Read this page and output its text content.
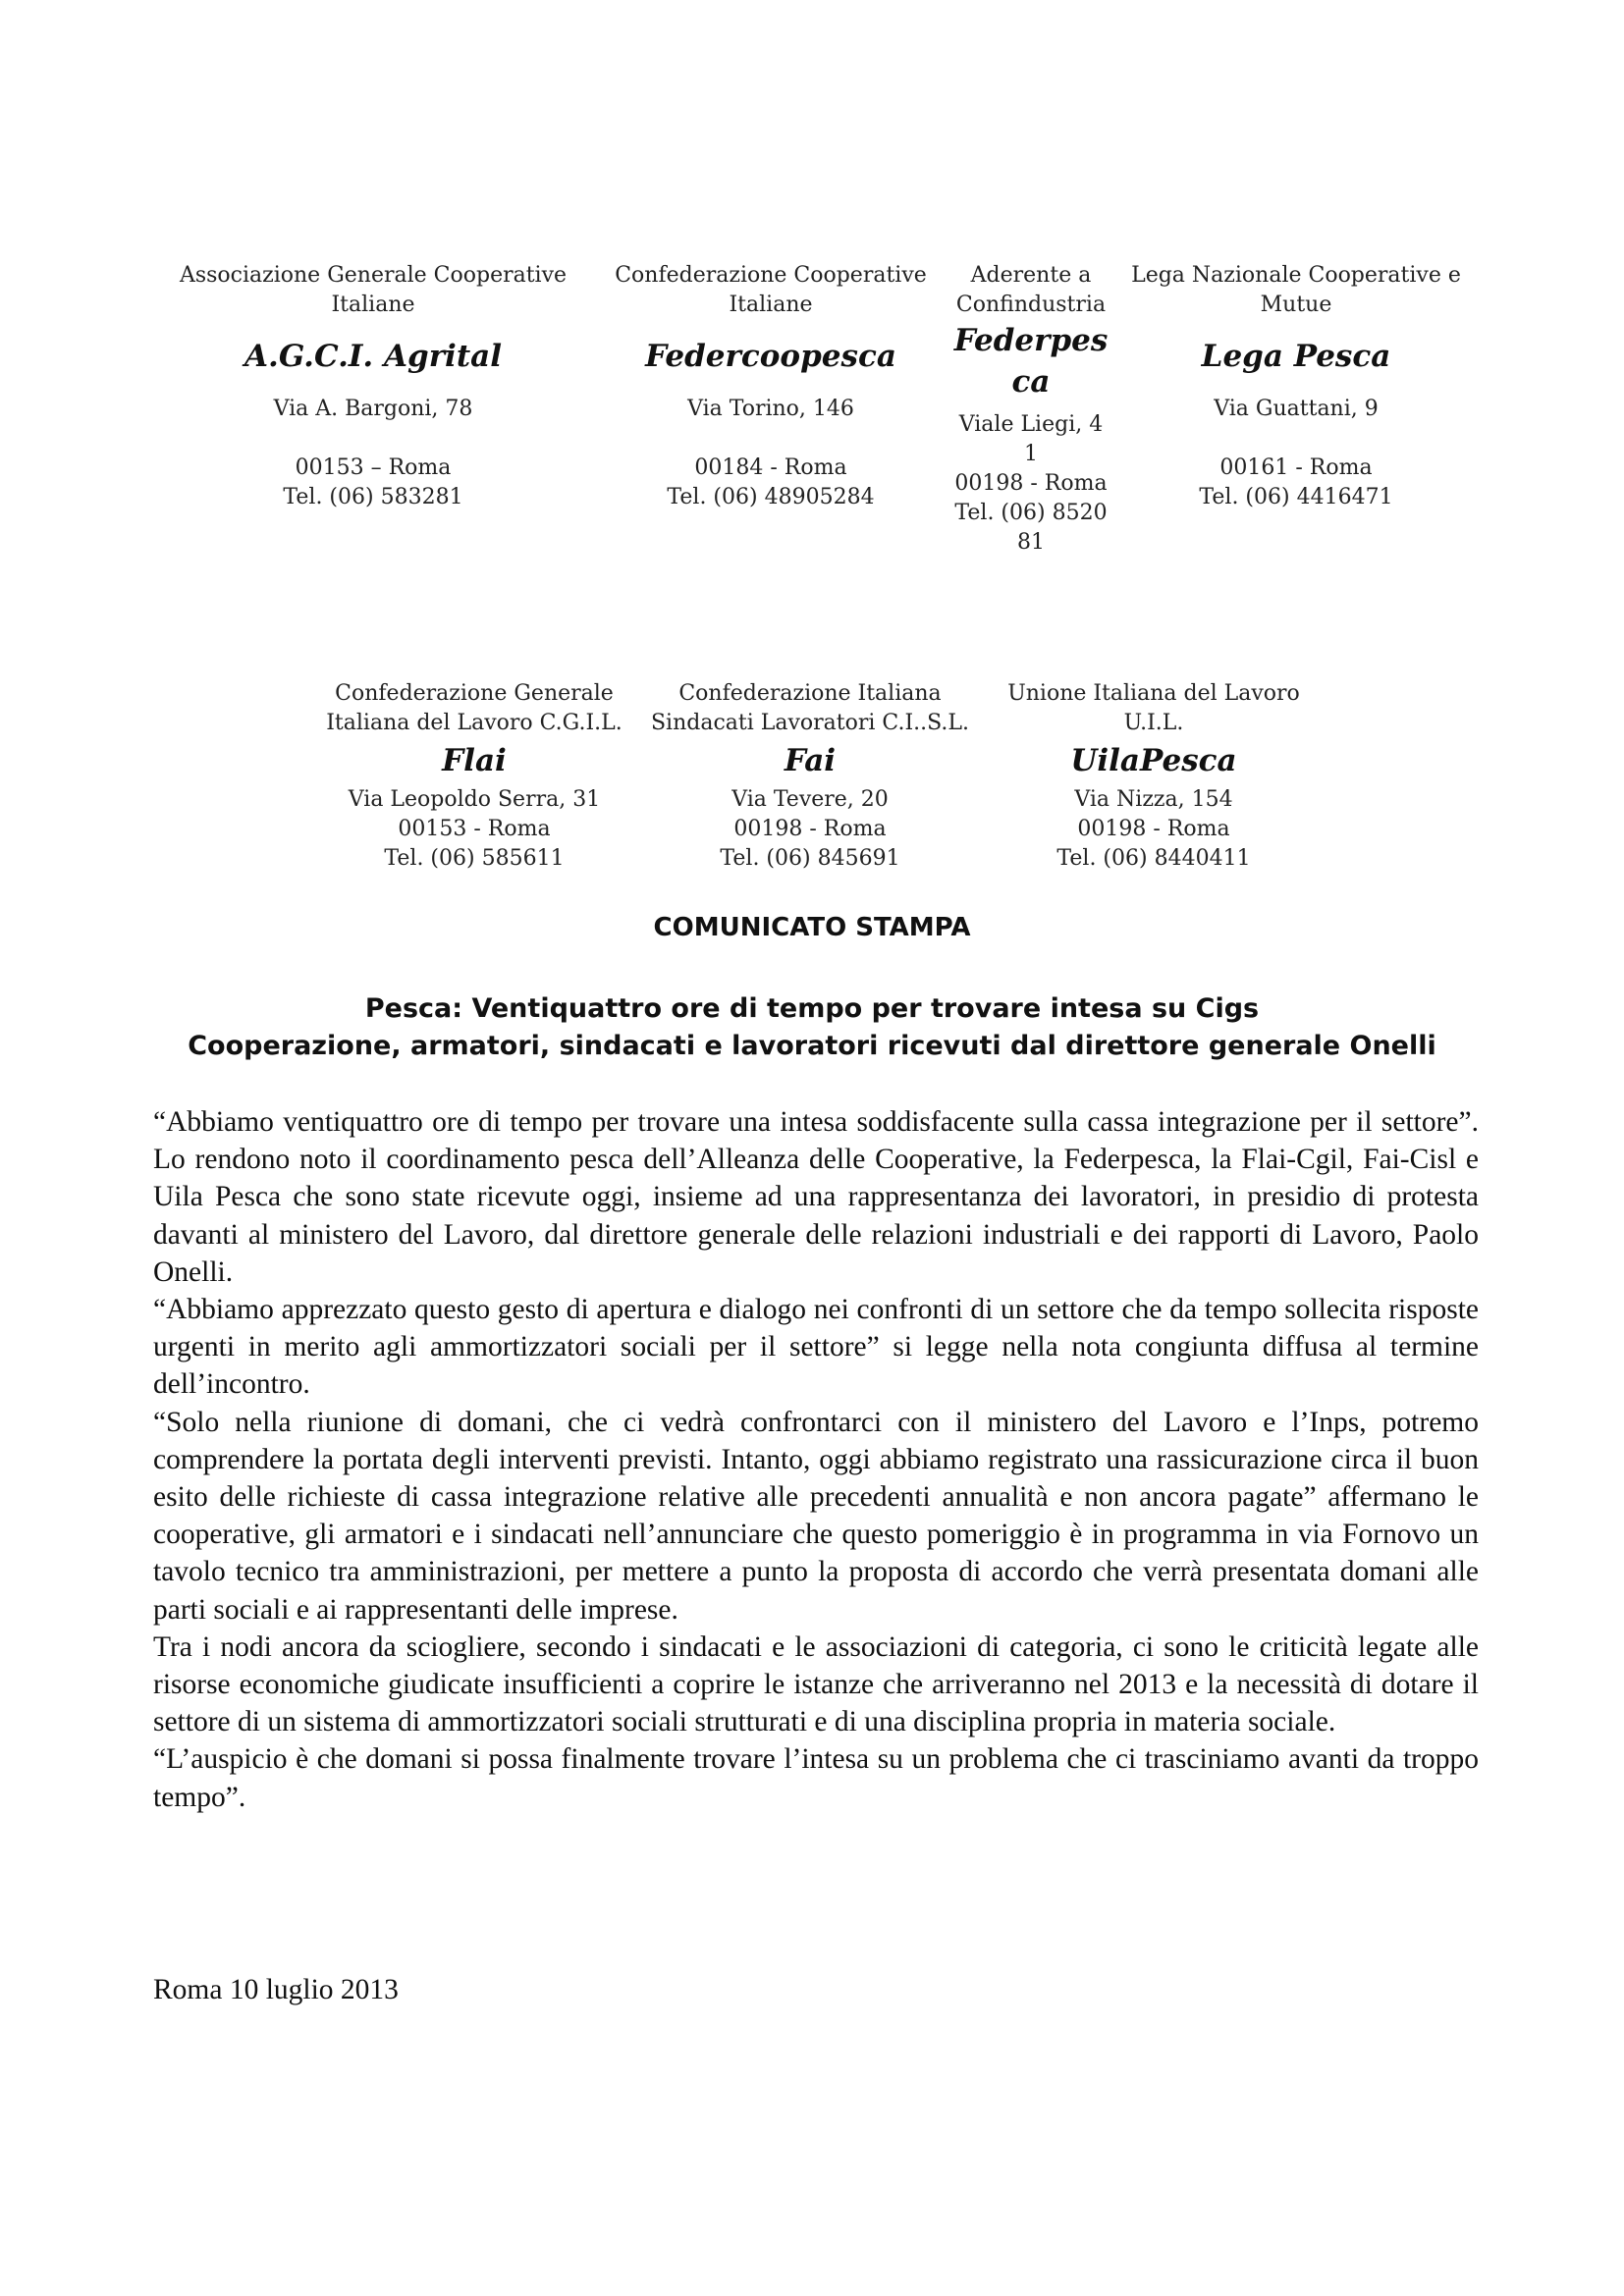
Associazione Generale Cooperative
Italiane
A.G.C.I. Agrital
Via A. Bargoni, 78
00153 – Roma
Tel. (06) 583281
Confederazione Cooperative
Italiane
Federcoopesca
Via Torino, 146
00184 - Roma
Tel. (06) 48905284
Aderente a
Confindustria
Federpesca
Viale Liegi, 41
00198 - Roma
Tel. (06) 852081
Lega Nazionale Cooperative e
Mutue
Lega Pesca
Via Guattani, 9
00161 - Roma
Tel. (06) 4416471
Confederazione Generale
Italiana del Lavoro C.G.I.L.
Flai
Via Leopoldo Serra, 31
00153 - Roma
Tel. (06) 585611
Confederazione Italiana
Sindacati Lavoratori C.I..S.L.
Fai
Via Tevere, 20
00198 - Roma
Tel. (06) 845691
Unione Italiana del Lavoro
U.I.L.
UilaPesca
Via Nizza, 154
00198 - Roma
Tel. (06) 8440411
COMUNICATO STAMPA
Pesca: Ventiquattro ore di tempo per trovare intesa su Cigs
Cooperazione, armatori, sindacati e lavoratori ricevuti dal direttore generale Onelli

“Abbiamo ventiquattro ore di tempo per trovare una intesa soddisfacente sulla cassa integrazione per il settore”. Lo rendono noto il coordinamento pesca dell’Alleanza delle Cooperative, la Federpesca, la Flai-Cgil, Fai-Cisl e Uila Pesca che sono state ricevute oggi, insieme ad una rappresentanza dei lavoratori, in presidio di protesta davanti al ministero del Lavoro, dal direttore generale delle relazioni industriali e dei rapporti di Lavoro, Paolo Onelli.

“Abbiamo apprezzato questo gesto di apertura e dialogo nei confronti di un settore che da tempo sollecita risposte urgenti in merito agli ammortizzatori sociali per il settore” si legge nella nota congiunta diffusa al termine dell’incontro.

“Solo nella riunione di domani, che ci vedrà confrontarci con il ministero del Lavoro e l’Inps, potremo comprendere la portata degli interventi previsti. Intanto, oggi abbiamo registrato una rassicurazione circa il buon esito delle richieste di cassa integrazione relative alle precedenti annualità e non ancora pagate” affermano le cooperative, gli armatori e i sindacati nell’annunciare che questo pomeriggio è in programma in via Fornovo un tavolo tecnico tra amministrazioni, per mettere a punto la proposta di accordo che verrà presentata domani alle parti sociali e ai rappresentanti delle imprese.

Tra i nodi ancora da sciogliere, secondo i sindacati e le associazioni di categoria, ci sono le criticità legate alle risorse economiche giudicate insufficienti a coprire le istanze che arriveranno nel 2013 e la necessità di dotare il settore di un sistema di ammortizzatori sociali strutturati e di una disciplina propria in materia sociale.

“L’auspicio è che domani si possa finalmente trovare l’intesa su un problema che ci trasciniamo avanti da troppo tempo”.

Roma 10 luglio 2013
